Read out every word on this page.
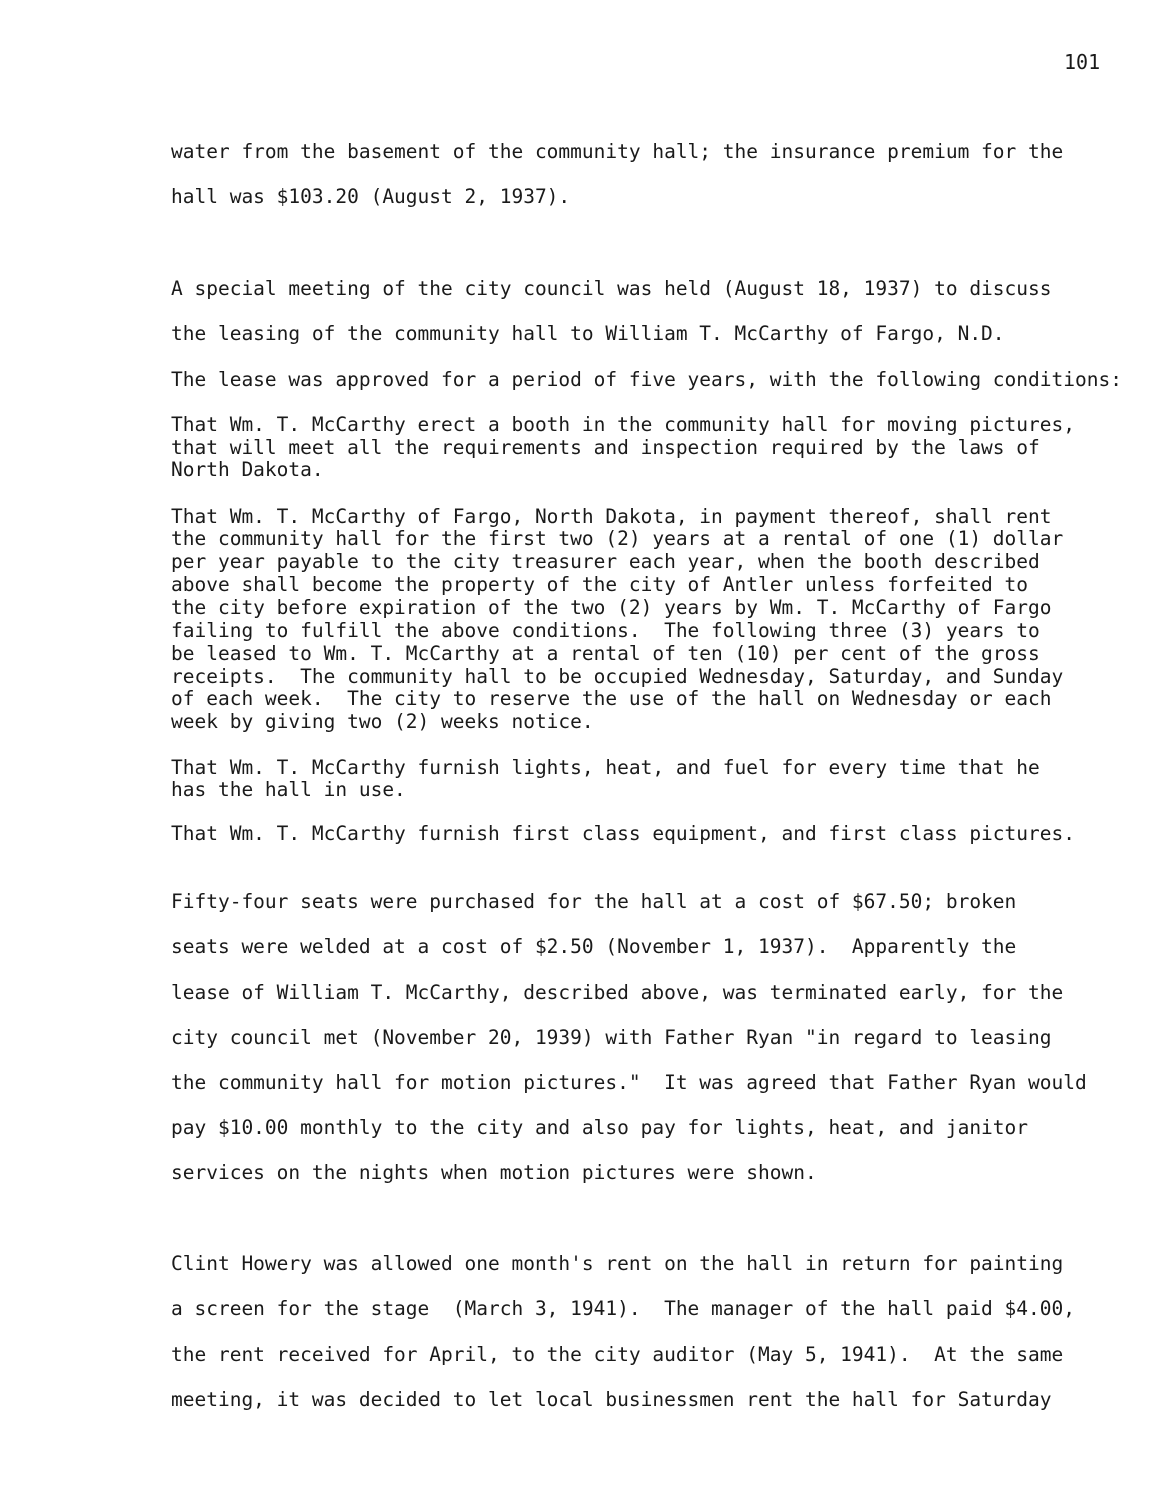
101
water from the basement of the community hall; the insurance premium for the
hall was $103.20 (August 2, 1937).
A special meeting of the city council was held (August 18, 1937) to discuss
the leasing of the community hall to William T. McCarthy of Fargo, N.D.
The lease was approved for a period of five years, with the following conditions:
That Wm. T. McCarthy erect a booth in the community hall for moving pictures,
that will meet all the requirements and inspection required by the laws of
North Dakota.
That Wm. T. McCarthy of Fargo, North Dakota, in payment thereof, shall rent
the community hall for the first two (2) years at a rental of one (1) dollar
per year payable to the city treasurer each year, when the booth described
above shall become the property of the city of Antler unless forfeited to
the city before expiration of the two (2) years by Wm. T. McCarthy of Fargo
failing to fulfill the above conditions.  The following three (3) years to
be leased to Wm. T. McCarthy at a rental of ten (10) per cent of the gross
receipts.  The community hall to be occupied Wednesday, Saturday, and Sunday
of each week.  The city to reserve the use of the hall on Wednesday or each
week by giving two (2) weeks notice.
That Wm. T. McCarthy furnish lights, heat, and fuel for every time that he
has the hall in use.
That Wm. T. McCarthy furnish first class equipment, and first class pictures.
Fifty-four seats were purchased for the hall at a cost of $67.50; broken
seats were welded at a cost of $2.50 (November 1, 1937).  Apparently the
lease of William T. McCarthy, described above, was terminated early, for the
city council met (November 20, 1939) with Father Ryan "in regard to leasing
the community hall for motion pictures."  It was agreed that Father Ryan would
pay $10.00 monthly to the city and also pay for lights, heat, and janitor
services on the nights when motion pictures were shown.
Clint Howery was allowed one month's rent on the hall in return for painting
a screen for the stage  (March 3, 1941).  The manager of the hall paid $4.00,
the rent received for April, to the city auditor (May 5, 1941).  At the same
meeting, it was decided to let local businessmen rent the hall for Saturday
